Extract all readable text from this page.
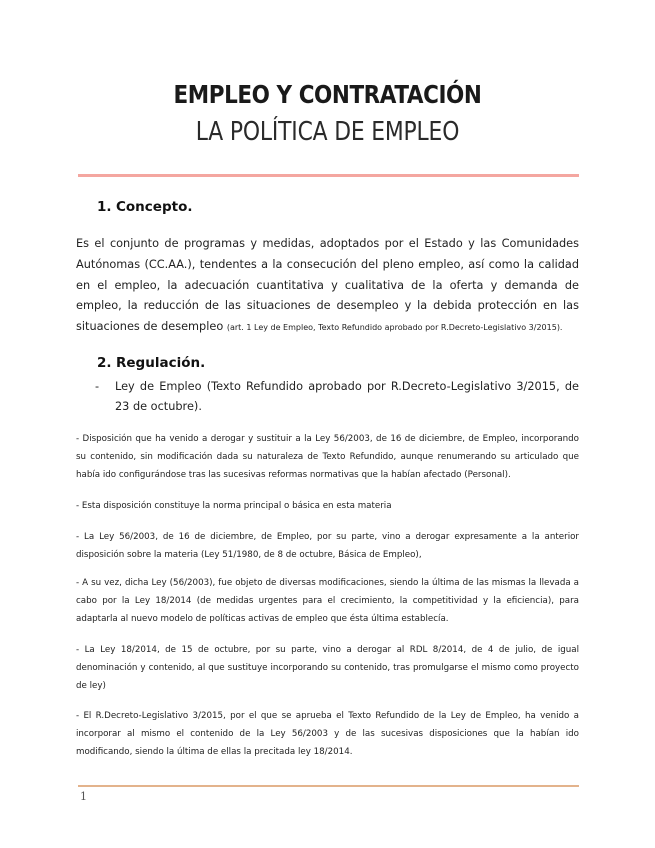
EMPLEO Y CONTRATACIÓN
LA POLÍTICA DE EMPLEO
1. Concepto.
Es el conjunto de programas y medidas, adoptados por el Estado y las Comunidades Autónomas (CC.AA.), tendentes a la consecución del pleno empleo, así como la calidad en el empleo, la adecuación cuantitativa y cualitativa de la oferta y demanda de empleo, la reducción de las situaciones de desempleo y la debida protección en las situaciones de desempleo (art. 1 Ley de Empleo, Texto Refundido aprobado por R.Decreto-Legislativo 3/2015).
2. Regulación.
- Ley de Empleo (Texto Refundido aprobado por R.Decreto-Legislativo 3/2015, de 23 de octubre).
- Disposición que ha venido a derogar y sustituir a la Ley 56/2003, de 16 de diciembre, de Empleo, incorporando su contenido, sin modificación dada su naturaleza de Texto Refundido, aunque renumerando su articulado que había ido configurándose tras las sucesivas reformas normativas que la habían afectado (Personal).
- Esta disposición constituye la norma principal o básica en esta materia
- La Ley 56/2003, de 16 de diciembre, de Empleo, por su parte, vino a derogar expresamente a la anterior disposición sobre la materia (Ley 51/1980, de 8 de octubre, Básica de Empleo),
- A su vez, dicha Ley (56/2003), fue objeto de diversas modificaciones, siendo la última de las mismas la llevada a cabo por la Ley 18/2014 (de medidas urgentes para el crecimiento, la competitividad y la eficiencia), para adaptarla al nuevo modelo de políticas activas de empleo que ésta última establecía.
- La Ley 18/2014, de 15 de octubre, por su parte, vino a derogar al RDL 8/2014, de 4 de julio, de igual denominación y contenido, al que sustituye incorporando su contenido, tras promulgarse el mismo como proyecto de ley)
- El R.Decreto-Legislativo 3/2015, por el que se aprueba el Texto Refundido de la Ley de Empleo, ha venido a incorporar al mismo el contenido de la Ley 56/2003 y de las sucesivas disposiciones que la habían ido modificando, siendo la última de ellas la precitada ley 18/2014.
1
